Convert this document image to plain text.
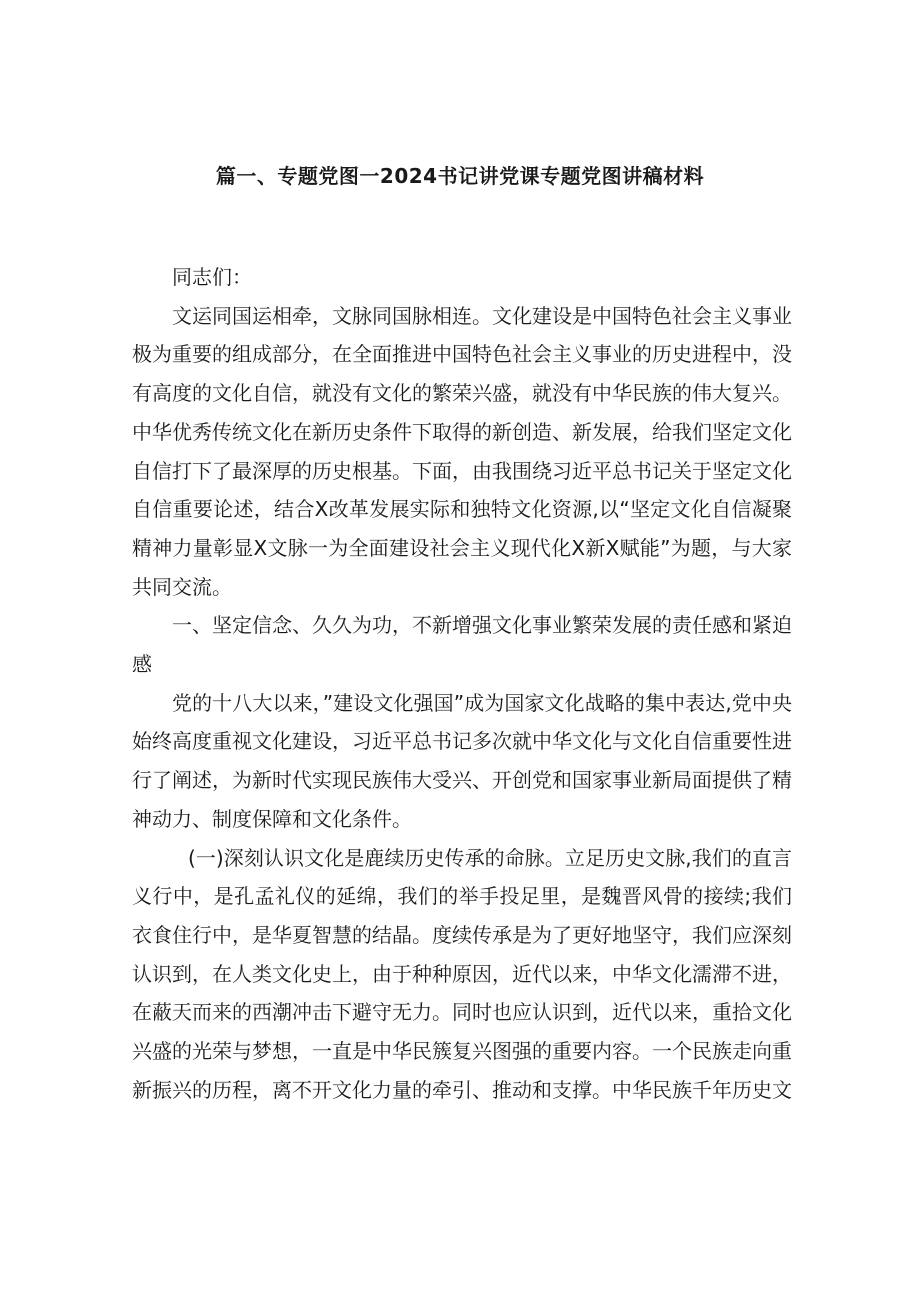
篇一、专题党图一2024书记讲党课专题党图讲稿材料

同志们：

文运同国运相牵，文脉同国脉相连。文化建设是中国特色社会主义事业极为重要的组成部分，在全面推进中国特色社会主义事业的历史进程中，没有高度的文化自信，就没有文化的繁荣兴盛，就没有中华民族的伟大复兴。中华优秀传统文化在新历史条件下取得的新创造、新发展，给我们坚定文化自信打下了最深厚的历史根基。下面，由我围绕习近平总书记关于坚定文化自信重要论述，结合X改革发展实际和独特文化资源,以“坚定文化自信凝聚精神力量彰显X文脉一为全面建设社会主义现代化X新X赋能”为题，与大家共同交流。

一、坚定信念、久久为功，不新增强文化事业繁荣发展的责任感和紧迫感

党的十八大以来，”建设文化强国”成为国家文化战略的集中表达,党中央始终高度重视文化建设，习近平总书记多次就中华文化与文化自信重要性进行了阐述，为新时代实现民族伟大受兴、开创党和国家事业新局面提供了精神动力、制度保障和文化条件。

(一)深刻认识文化是鹿续历史传承的命脉。立足历史文脉,我们的直言义行中，是孔孟礼仪的延绵，我们的举手投足里，是魏晋风骨的接续;我们衣食住行中，是华夏智慧的结晶。度续传承是为了更好地坚守，我们应深刻认识到，在人类文化史上，由于种种原因，近代以来，中华文化濡滞不进，在蔽天而来的西潮冲击下避守无力。同时也应认识到，近代以来，重拾文化兴盛的光荣与梦想，一直是中华民簇复兴图强的重要内容。一个民族走向重新振兴的历程，离不开文化力量的牵引、推动和支撑。中华民族千年历史文
